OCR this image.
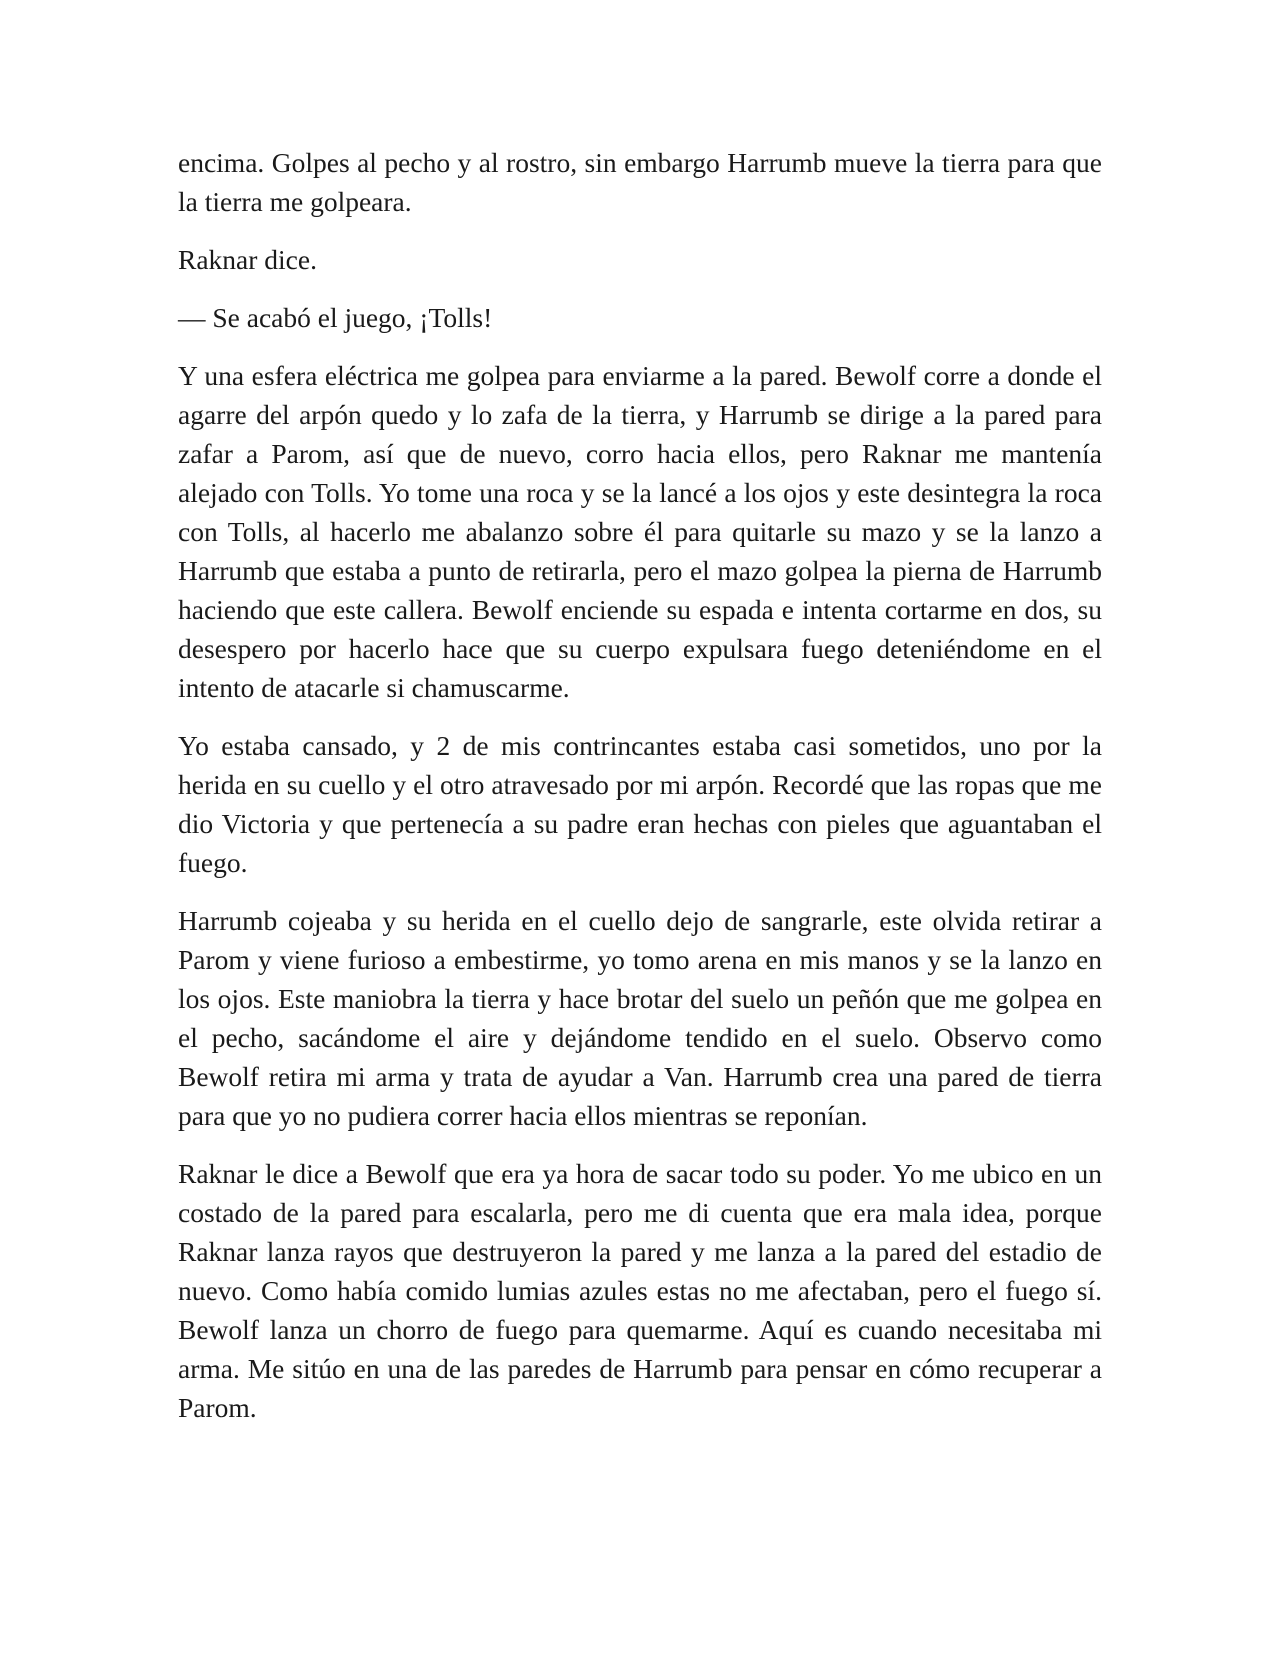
encima. Golpes al pecho y al rostro, sin embargo Harrumb mueve la tierra para que la tierra me golpeara.

Raknar dice.

— Se acabó el juego, ¡Tolls!

Y una esfera eléctrica me golpea para enviarme a la pared. Bewolf corre a donde el agarre del arpón quedo y lo zafa de la tierra, y Harrumb se dirige a la pared para zafar a Parom, así que de nuevo, corro hacia ellos, pero Raknar me mantenía alejado con Tolls. Yo tome una roca y se la lancé a los ojos y este desintegra la roca con Tolls, al hacerlo me abalanzo sobre él para quitarle su mazo y se la lanzo a Harrumb que estaba a punto de retirarla, pero el mazo golpea la pierna de Harrumb haciendo que este callera. Bewolf enciende su espada e intenta cortarme en dos, su desespero por hacerlo hace que su cuerpo expulsara fuego deteniéndome en el intento de atacarle si chamuscarme.

Yo estaba cansado, y 2 de mis contrincantes estaba casi sometidos, uno por la herida en su cuello y el otro atravesado por mi arpón. Recordé que las ropas que me dio Victoria y que pertenecía a su padre eran hechas con pieles que aguantaban el fuego.

Harrumb cojeaba y su herida en el cuello dejo de sangrarle, este olvida retirar a Parom y viene furioso a embestirme, yo tomo arena en mis manos y se la lanzo en los ojos. Este maniobra la tierra y hace brotar del suelo un peñón que me golpea en el pecho, sacándome el aire y dejándome tendido en el suelo. Observo como Bewolf retira mi arma y trata de ayudar a Van. Harrumb crea una pared de tierra para que yo no pudiera correr hacia ellos mientras se reponían.

Raknar le dice a Bewolf que era ya hora de sacar todo su poder. Yo me ubico en un costado de la pared para escalarla, pero me di cuenta que era mala idea, porque Raknar lanza rayos que destruyeron la pared y me lanza a la pared del estadio de nuevo. Como había comido lumias azules estas no me afectaban, pero el fuego sí. Bewolf lanza un chorro de fuego para quemarme. Aquí es cuando necesitaba mi arma. Me sitúo en una de las paredes de Harrumb para pensar en cómo recuperar a Parom.
